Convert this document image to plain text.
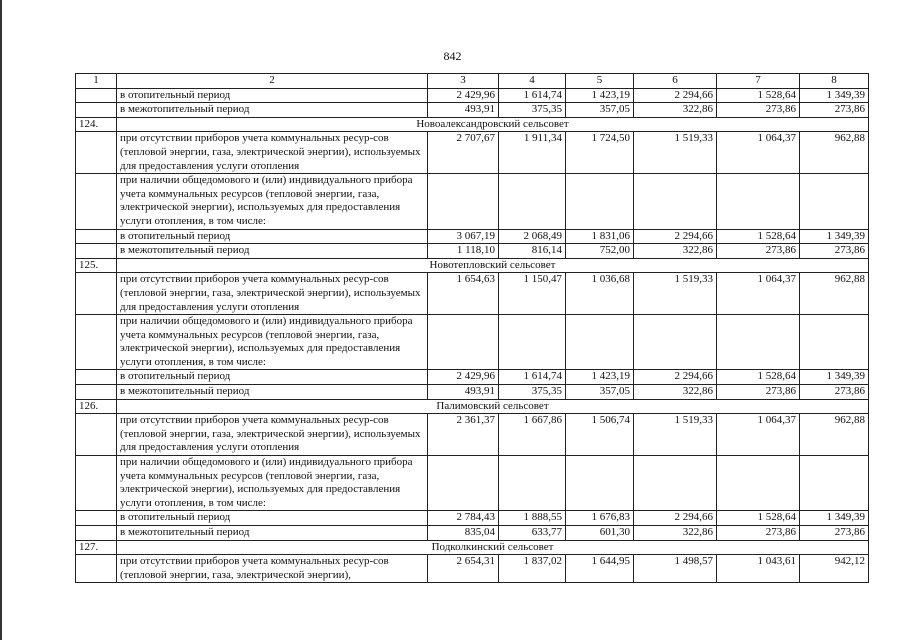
842
1	2	3	4	5	6	7	8
	в отопительный период	2 429,96	1 614,74	1 423,19	2 294,66	1 528,64	1 349,39
	в межотопительный период	493,91	375,35	357,05	322,86	273,86	273,86
124.	Новоалександровский сельсовет						
	при отсутствии приборов учета коммунальных ресур-сов (тепловой энергии, газа, электрической энергии), используемых для предоставления услуги отопления	2 707,67	1 911,34	1 724,50	1 519,33	1 064,37	962,88
	при наличии общедомового и (или) индивидуального прибора учета коммунальных ресурсов (тепловой энергии, газа, электрической энергии), используемых для предоставления услуги отопления, в том числе:						
	в отопительный период	3 067,19	2 068,49	1 831,06	2 294,66	1 528,64	1 349,39
	в межотопительный период	1 118,10	816,14	752,00	322,86	273,86	273,86
125.	Новотепловский сельсовет						
	при отсутствии приборов учета коммунальных ресур-сов (тепловой энергии, газа, электрической энергии), используемых для предоставления услуги отопления	1 654,63	1 150,47	1 036,68	1 519,33	1 064,37	962,88
	при наличии общедомового и (или) индивидуального прибора учета коммунальных ресурсов (тепловой энергии, газа, электрической энергии), используемых для предоставления услуги отопления, в том числе:						
	в отопительный период	2 429,96	1 614,74	1 423,19	2 294,66	1 528,64	1 349,39
	в межотопительный период	493,91	375,35	357,05	322,86	273,86	273,86
126.	Палимовский сельсовет						
	при отсутствии приборов учета коммунальных ресур-сов (тепловой энергии, газа, электрической энергии), используемых для предоставления услуги отопления	2 361,37	1 667,86	1 506,74	1 519,33	1 064,37	962,88
	при наличии общедомового и (или) индивидуального прибора учета коммунальных ресурсов (тепловой энергии, газа, электрической энергии), используемых для предоставления услуги отопления, в том числе:						
	в отопительный период	2 784,43	1 888,55	1 676,83	2 294,66	1 528,64	1 349,39
	в межотопительный период	835,04	633,77	601,30	322,86	273,86	273,86
127.	Подколкинский сельсовет						
	при отсутствии приборов учета коммунальных ресур-сов (тепловой энергии, газа, электрической энергии),	2 654,31	1 837,02	1 644,95	1 498,57	1 043,61	942,12
